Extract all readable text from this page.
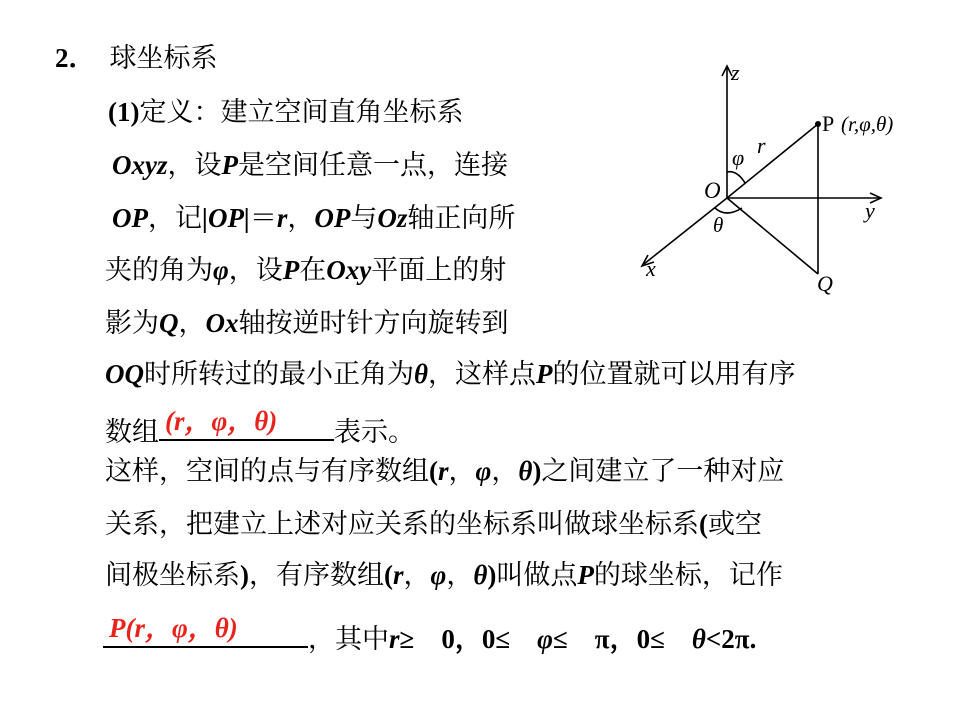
2． 球坐标系
(1)定义：建立空间直角坐标系
Oxyz，设P是空间任意一点，连接
OP，记|OP|＝r，OP与Oz轴正向所
夹的角为φ，设P在Oxy平面上的射
影为Q，Ox轴按逆时针方向旋转到
OQ时所转过的最小正角为θ，这样点P的位置就可以用有序
数组 (r，φ，θ) 表示。
这样，空间的点与有序数组(r，φ，θ)之间建立了一种对应
关系，把建立上述对应关系的坐标系叫做球坐标系(或空
间极坐标系)，有序数组(r，φ，θ)叫做点P的球坐标，记作
P(r，φ，θ)	，其中r≥　0，0≤　φ≤　π，0≤　θ<2π.
z
y
x
O
P (r,φ,θ)
r
φ
θ
Q
